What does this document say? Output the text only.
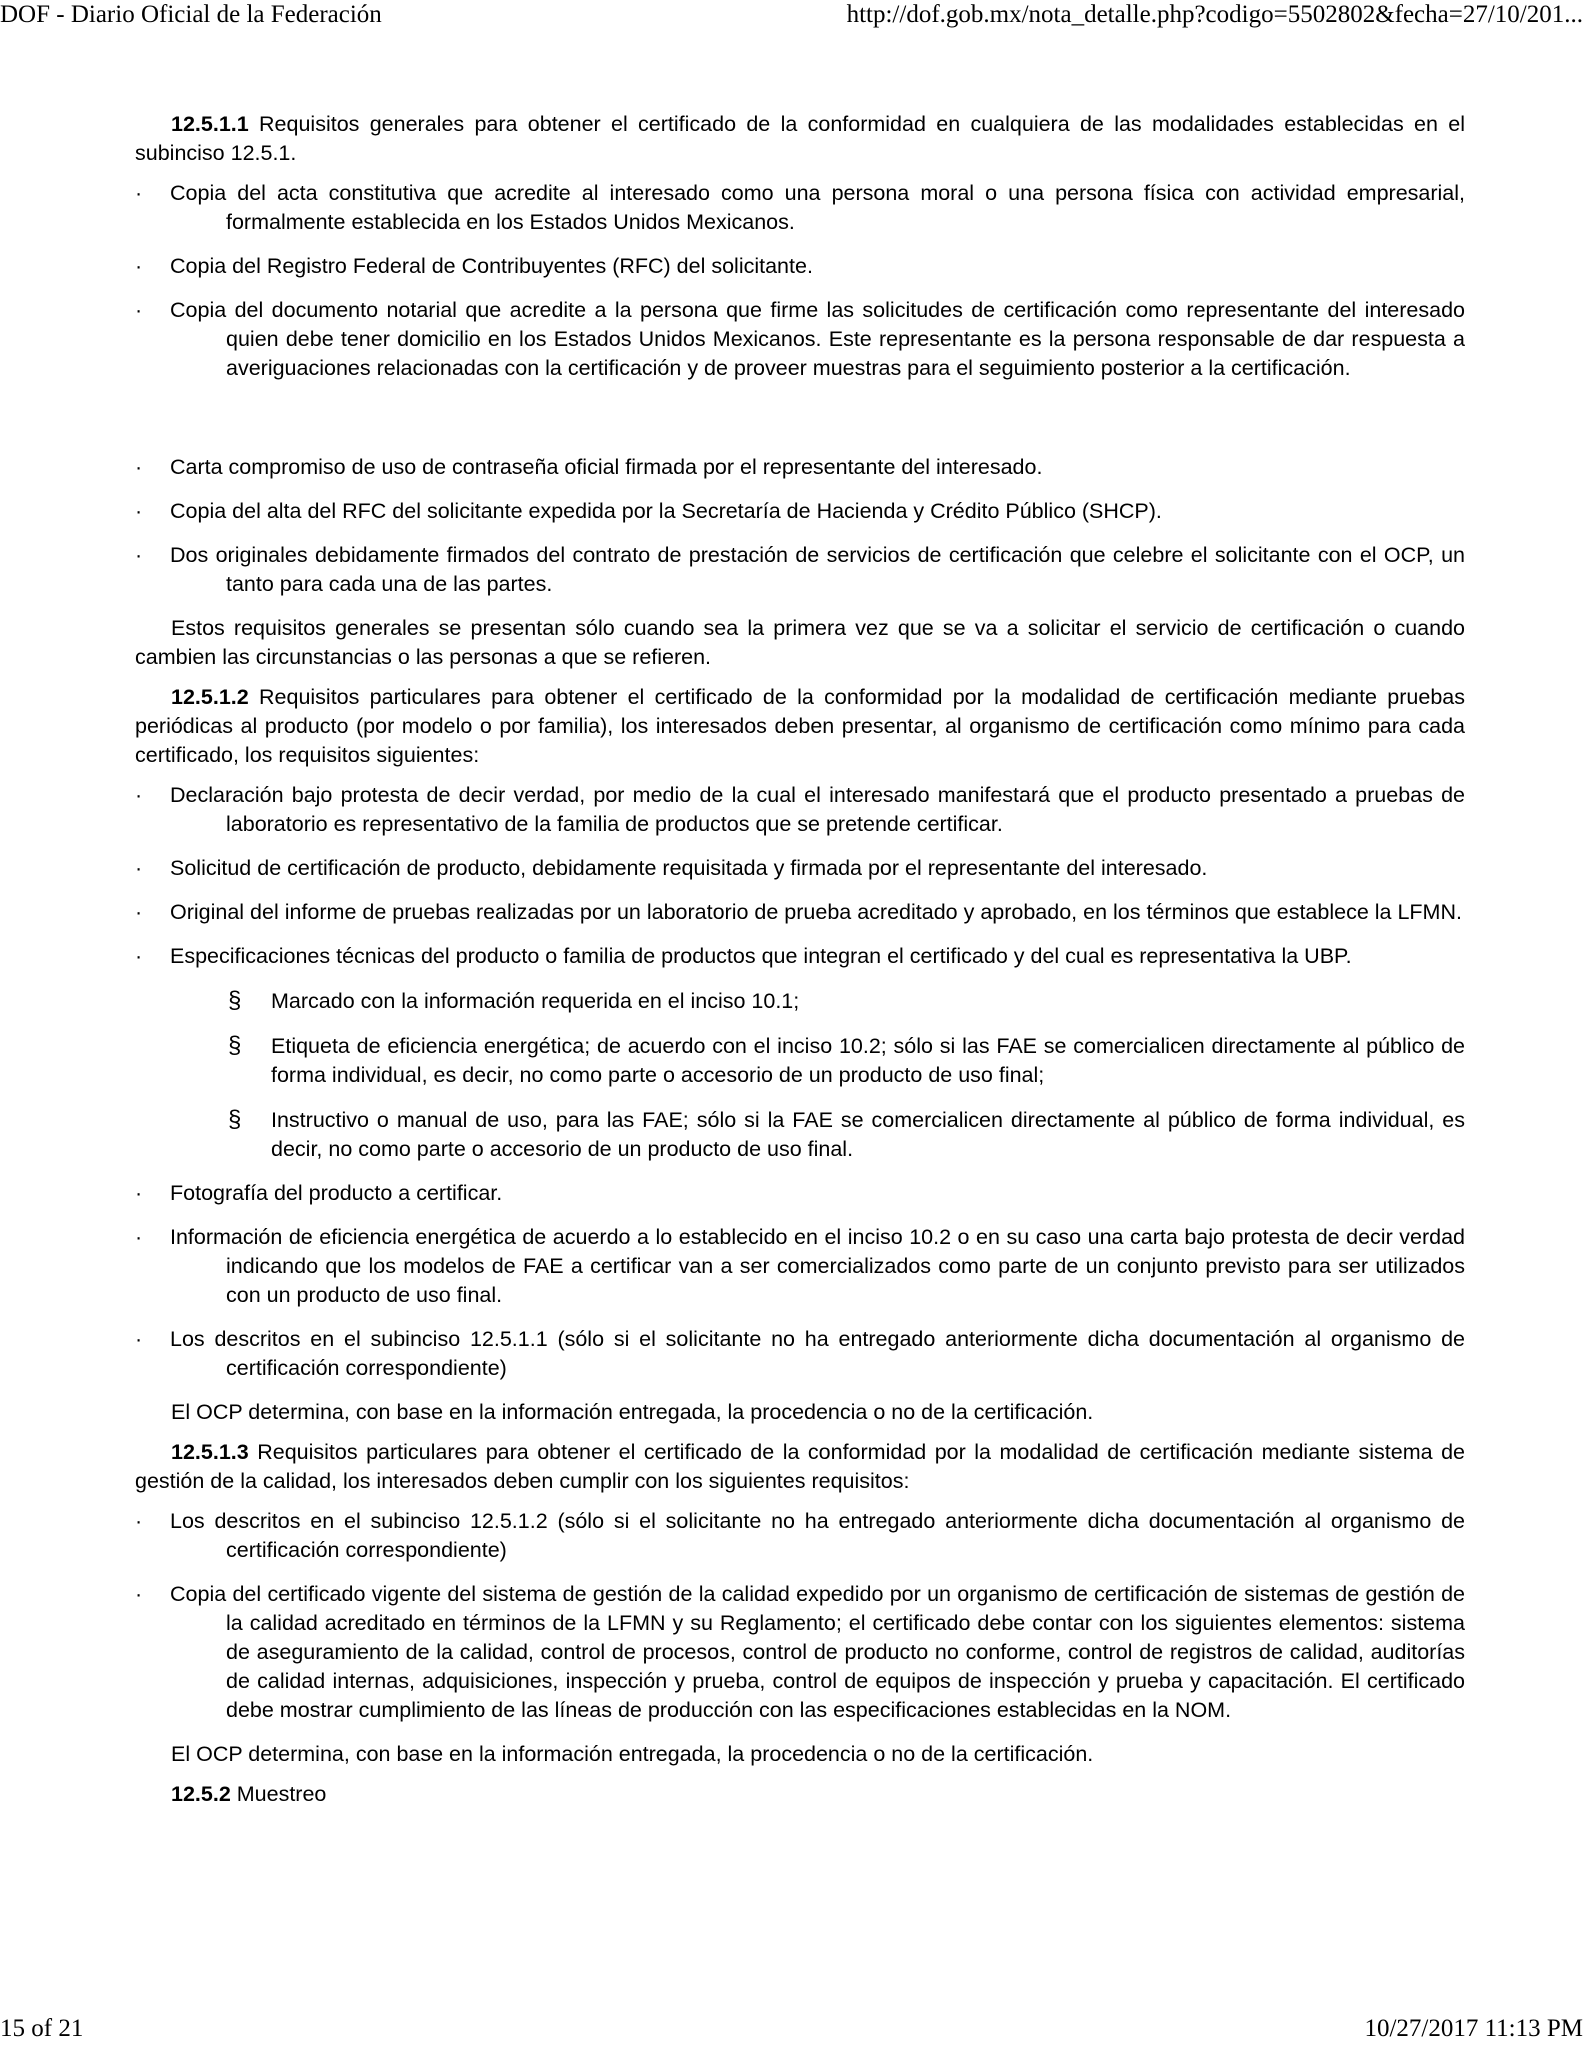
DOF - Diario Oficial de la Federación	http://dof.gob.mx/nota_detalle.php?codigo=5502802&fecha=27/10/201...

12.5.1.1 Requisitos generales para obtener el certificado de la conformidad en cualquiera de las modalidades establecidas en el subinciso 12.5.1.

· Copia del acta constitutiva que acredite al interesado como una persona moral o una persona física con actividad empresarial, formalmente establecida en los Estados Unidos Mexicanos.
· Copia del Registro Federal de Contribuyentes (RFC) del solicitante.
· Copia del documento notarial que acredite a la persona que firme las solicitudes de certificación como representante del interesado quien debe tener domicilio en los Estados Unidos Mexicanos. Este representante es la persona responsable de dar respuesta a averiguaciones relacionadas con la certificación y de proveer muestras para el seguimiento posterior a la certificación.
· Carta compromiso de uso de contraseña oficial firmada por el representante del interesado.
· Copia del alta del RFC del solicitante expedida por la Secretaría de Hacienda y Crédito Público (SHCP).
· Dos originales debidamente firmados del contrato de prestación de servicios de certificación que celebre el solicitante con el OCP, un tanto para cada una de las partes.

Estos requisitos generales se presentan sólo cuando sea la primera vez que se va a solicitar el servicio de certificación o cuando cambien las circunstancias o las personas a que se refieren.

12.5.1.2 Requisitos particulares para obtener el certificado de la conformidad por la modalidad de certificación mediante pruebas periódicas al producto (por modelo o por familia), los interesados deben presentar, al organismo de certificación como mínimo para cada certificado, los requisitos siguientes:

· Declaración bajo protesta de decir verdad, por medio de la cual el interesado manifestará que el producto presentado a pruebas de laboratorio es representativo de la familia de productos que se pretende certificar.
· Solicitud de certificación de producto, debidamente requisitada y firmada por el representante del interesado.
· Original del informe de pruebas realizadas por un laboratorio de prueba acreditado y aprobado, en los términos que establece la LFMN.
· Especificaciones técnicas del producto o familia de productos que integran el certificado y del cual es representativa la UBP.
§ Marcado con la información requerida en el inciso 10.1;
§ Etiqueta de eficiencia energética; de acuerdo con el inciso 10.2; sólo si las FAE se comercialicen directamente al público de forma individual, es decir, no como parte o accesorio de un producto de uso final;
§ Instructivo o manual de uso, para las FAE; sólo si la FAE se comercialicen directamente al público de forma individual, es decir, no como parte o accesorio de un producto de uso final.
· Fotografía del producto a certificar.
· Información de eficiencia energética de acuerdo a lo establecido en el inciso 10.2 o en su caso una carta bajo protesta de decir verdad indicando que los modelos de FAE a certificar van a ser comercializados como parte de un conjunto previsto para ser utilizados con un producto de uso final.
· Los descritos en el subinciso 12.5.1.1 (sólo si el solicitante no ha entregado anteriormente dicha documentación al organismo de certificación correspondiente)

El OCP determina, con base en la información entregada, la procedencia o no de la certificación.

12.5.1.3 Requisitos particulares para obtener el certificado de la conformidad por la modalidad de certificación mediante sistema de gestión de la calidad, los interesados deben cumplir con los siguientes requisitos:

· Los descritos en el subinciso 12.5.1.2 (sólo si el solicitante no ha entregado anteriormente dicha documentación al organismo de certificación correspondiente)
· Copia del certificado vigente del sistema de gestión de la calidad expedido por un organismo de certificación de sistemas de gestión de la calidad acreditado en términos de la LFMN y su Reglamento; el certificado debe contar con los siguientes elementos: sistema de aseguramiento de la calidad, control de procesos, control de producto no conforme, control de registros de calidad, auditorías de calidad internas, adquisiciones, inspección y prueba, control de equipos de inspección y prueba y capacitación. El certificado debe mostrar cumplimiento de las líneas de producción con las especificaciones establecidas en la NOM.

El OCP determina, con base en la información entregada, la procedencia o no de la certificación.

12.5.2 Muestreo

15 of 21	10/27/2017 11:13 PM
